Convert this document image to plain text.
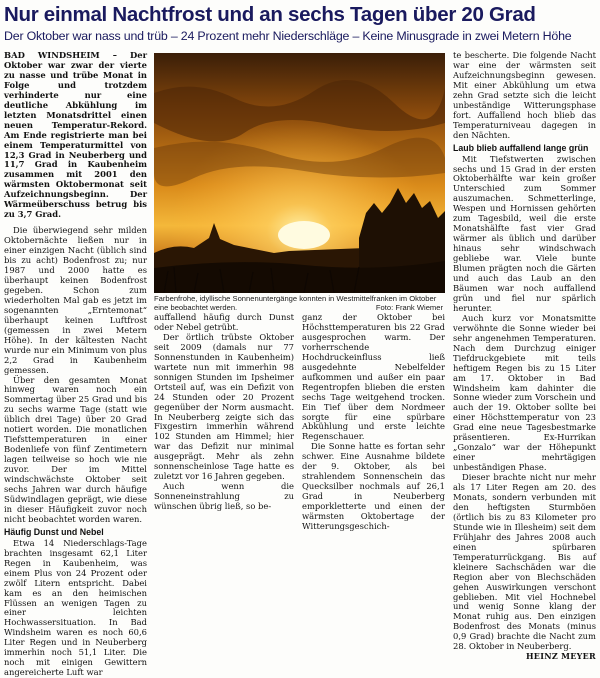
Nur einmal Nachtfrost und an sechs Tagen über 20 Grad
Der Oktober war nass und trüb – 24 Prozent mehr Niederschläge – Keine Minusgrade in zwei Metern Höhe

BAD WINDSHEIM – Der Oktober war zwar der vierte zu nasse und trübe Monat in Folge und trotzdem verhinderte nur eine deutliche Abkühlung im letzten Monatsdrittel einen neuen Temperatur-Rekord. Am Ende registrierte man bei einem Temperaturmittel von 12,3 Grad in Neuberberg und 11,7 Grad in Kaubenheim zusammen mit 2001 den wärmsten Oktobermonat seit Aufzeichnungsbeginn. Der Wärmeüberschuss betrug bis zu 3,7 Grad.

Die überwiegend sehr milden Oktobernächte ließen nur in einer einzigen Nacht (üblich sind bis zu acht) Bodenfrost zu; nur 1987 und 2000 hatte es überhaupt keinen Bodenfrost gegeben. Schon zum wiederholten Mal gab es jetzt im sogenannten „Erntemonat“ überhaupt keinen Luftfrost (gemessen in zwei Metern Höhe). In der kältesten Nacht wurde nur ein Minimum von plus 2,2 Grad in Kaubenheim gemessen.

Über den gesamten Monat hinweg waren noch ein Sommertag über 25 Grad und bis zu sechs warme Tage (statt wie üblich drei Tage) über 20 Grad notiert worden. Die monatlichen Tiefsttemperaturen in einer Bodenliefe von fünf Zentimetern lagen teilweise so hoch wie nie zuvor. Der im Mittel windschwächste Oktober seit sechs Jahren war durch häufige Südwindlagen geprägt, wie diese in dieser Häufigkeit zuvor noch nicht beobachtet worden waren.

Häufig Dunst und Nebel

Etwa 14 Niederschlags-Tage brachten insgesamt 62,1 Liter Regen in Kaubenheim, was einem Plus von 24 Prozent oder zwölf Litern entspricht. Dabei kam es an den heimischen Flüssen an wenigen Tagen zu einer leichten Hochwassersituation. In Bad Windsheim waren es noch 60,6 Liter Regen und in Neuberberg immerhin noch 51,1 Liter. Die noch mit einigen Gewittern angereicherte Luft war

Farbenfrohe, idyllische Sonnenuntergänge konnten in Westmittelfranken im Oktober eine beobachtet werden.	Foto: Frank Wiemer

auffallend häufig durch Dunst oder Nebel getrübt.

Der örtlich trübste Oktober seit 2009 (damals nur 77 Sonnenstunden in Kaubenheim) wartete nun mit immerhin 98 sonnigen Stunden im Ipsheimer Ortsteil auf, was ein Defizit von 24 Stunden oder 20 Prozent gegenüber der Norm ausmacht. In Neuberberg zeigte sich das Fixgestirn immerhin während 102 Stunden am Himmel; hier war das Defizit nur minimal ausgeprägt. Mehr als zehn sonnenscheinlose Tage hatte es zuletzt vor 16 Jahren gegeben.

Auch wenn die Sonneneinstrahlung zu wünschen übrig ließ, so be-

ganz der Oktober bei Höchsttemperaturen bis 22 Grad ausgesprochen warm. Der vorherrschende Hochdruckeinfluss ließ ausgedehnte Nebelfelder aufkommen und außer ein paar Regentropfen blieben die ersten sechs Tage weitgehend trocken. Ein Tief über dem Nordmeer sorgte für eine spürbare Abkühlung und erste leichte Regenschauer.

Die Sonne hatte es fortan sehr schwer. Eine Ausnahme bildete der 9. Oktober, als bei strahlendem Sonnenschein das Quecksilber nochmals auf 26,1 Grad in Neuberberg emporkletterte und einen der wärmsten Oktobertage der Witterungsgeschich-

te bescherte. Die folgende Nacht war eine der wärmsten seit Aufzeichnungsbeginn gewesen. Mit einer Abkühlung um etwa zehn Grad setzte sich die leicht unbeständige Witterungsphase fort. Auffallend hoch blieb das Temperaturniveau dagegen in den Nächten.

Laub blieb auffallend lange grün

Mit Tiefstwerten zwischen sechs und 15 Grad in der ersten Oktoberhälfte war kein großer Unterschied zum Sommer auszumachen. Schmetterlinge, Wespen und Hornissen gehörten zum Tagesbild, weil die erste Monatshälfte fast vier Grad wärmer als üblich und darüber hinaus sehr windschwach gebliebe war. Viele bunte Blumen prägten noch die Gärten und auch das Laub an den Bäumen war noch auffallend grün und fiel nur spärlich herunter.

Auch kurz vor Monatsmitte verwöhnte die Sonne wieder bei sehr angenehmen Temperaturen. Nach dem Durchzug einiger Tiefdruckgebiete mit teils heftigem Regen bis zu 15 Liter am 17. Oktober in Bad Windsheim kam dahinter die Sonne wieder zum Vorschein und auch der 19. Oktober sollte bei einer Höchsttemperatur von 23 Grad eine neue Tagesbestmarke präsentieren. Ex-Hurrikan „Gonzalo“ war der Höhepunkt einer mehrtägigen unbeständigen Phase.

Dieser brachte nicht nur mehr als 17 Liter Regen am 20. des Monats, sondern verbunden mit den heftigsten Sturmböen (örtlich bis zu 83 Kilometer pro Stunde wie in Illesheim) seit dem Frühjahr des Jahres 2008 auch einen spürbaren Temperaturrückgang. Bis auf kleinere Sachschäden war die Region aber von Blechschäden gehen Auswirkungen verschont geblieben. Mit viel Hochnebel und wenig Sonne klang der Monat ruhig aus. Den einzigen Bodenfrost des Monats (minus 0,9 Grad) brachte die Nacht zum 28. Oktober in Neuberberg.

HEINZ MEYER
